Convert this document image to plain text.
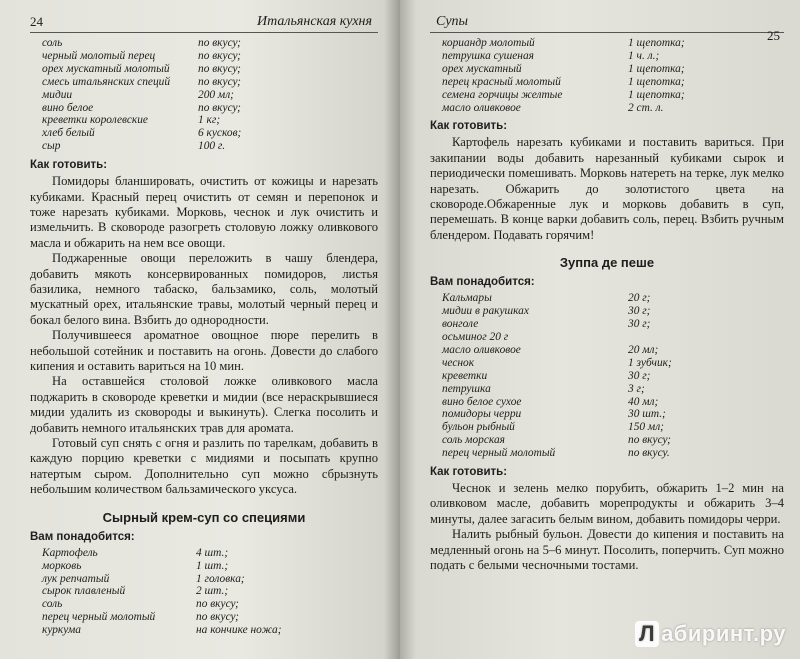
24	Итальянская кухня
соль	по вкусу;
черный молотый перец	по вкусу;
орех мускатный молотый	по вкусу;
смесь итальянских специй	по вкусу;
мидии	200 мл;
вино белое	по вкусу;
креветки королевские	1 кг;
хлеб белый	6 кусков;
сыр	100 г.
Как готовить:

Помидоры бланшировать, очистить от кожицы и нарезать кубиками. Красный перец очистить от семян и перепонок и тоже нарезать кубиками. Морковь, чеснок и лук очистить и измельчить. В сковороде разогреть столовую ложку оливкового масла и обжарить на нем все овощи.

Поджаренные овощи переложить в чашу блендера, добавить мякоть консервированных помидоров, листья базилика, немного табаско, бальзамико, соль, молотый мускатный орех, итальянские травы, молотый черный перец и бокал белого вина. Взбить до однородности.

Получившееся ароматное овощное пюре перелить в небольшой сотейник и поставить на огонь. Довести до слабого кипения и оставить вариться на 10 мин.

На оставшейся столовой ложке оливкового масла поджарить в сковороде креветки и мидии (все нераскрывшиеся мидии удалить из сковороды и выкинуть). Слегка посолить и добавить немного итальянских трав для аромата.

Готовый суп снять с огня и разлить по тарелкам, добавить в каждую порцию креветки с мидиями и посыпать крупно натертым сыром. Дополнительно суп можно сбрызнуть небольшим количеством бальзамического уксуса.

Сырный крем-суп со специями
Вам понадобится:
Картофель	4 шт.;
морковь	1 шт.;
лук репчатый	1 головка;
сырок плавленый	2 шт.;
соль	по вкусу;
перец черный молотый	по вкусу;
куркума	на кончике ножа;
Супы
25
кориандр молотый	1 щепотка;
петрушка сушеная	1 ч. л.;
орех мускатный	1 щепотка;
перец красный молотый	1 щепотка;
семена горчицы желтые	1 щепотка;
масло оливковое	2 ст. л.
Как готовить:

Картофель нарезать кубиками и поставить вариться. При закипании воды добавить нарезанный кубиками сырок и периодически помешивать. Морковь натереть на терке, лук мелко нарезать. Обжарить до золотистого цвета на сковороде.Обжаренные лук и морковь добавить в суп, перемешать. В конце варки добавить соль, перец. Взбить ручным блендером. Подавать горячим!

Зуппа де пеше
Вам понадобится:
Кальмары	20 г;
мидии в ракушках	30 г;
вонголе	30 г;
осьминог 20 г
масло оливковое	20 мл;
чеснок	1 зубчик;
креветки	30 г;
петрушка	3 г;
вино белое сухое	40 мл;
помидоры черри	30 шт.;
бульон рыбный	150 мл;
соль морская	по вкусу;
перец черный молотый	по вкусу.
Как готовить:

Чеснок и зелень мелко порубить, обжарить 1–2 мин на оливковом масле, добавить морепродукты и обжарить 3–4 минуты, далее загасить белым вином, добавить помидоры черри.

Налить рыбный бульон. Довести до кипения и поставить на медленный огонь на 5–6 минут. Посолить, поперчить. Суп можно подать с белыми чесночными тостами.

Л абиринт.ру
